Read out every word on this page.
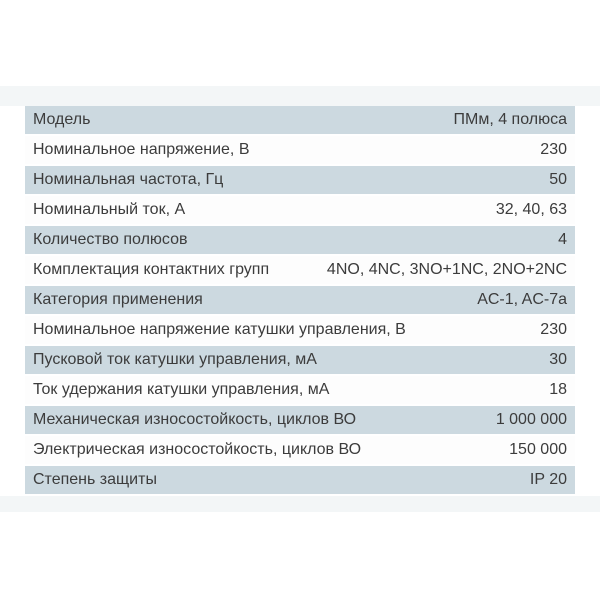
Модель	ПМм, 4 полюса
Номинальное напряжение, В	230
Номинальная частота, Гц	50
Номинальный ток, А	32, 40, 63
Количество полюсов	4
Комплектация контактних групп	4NO, 4NC, 3NO+1NC, 2NO+2NC
Категория применения	AC-1, AC-7a
Номинальное напряжение катушки управления, В	230
Пусковой ток катушки управления, мА	30
Ток удержания катушки управления, мА	18
Механическая износостойкость, циклов ВО	1 000 000
Электрическая износостойкость, циклов ВО	150 000
Степень защиты	IP 20
